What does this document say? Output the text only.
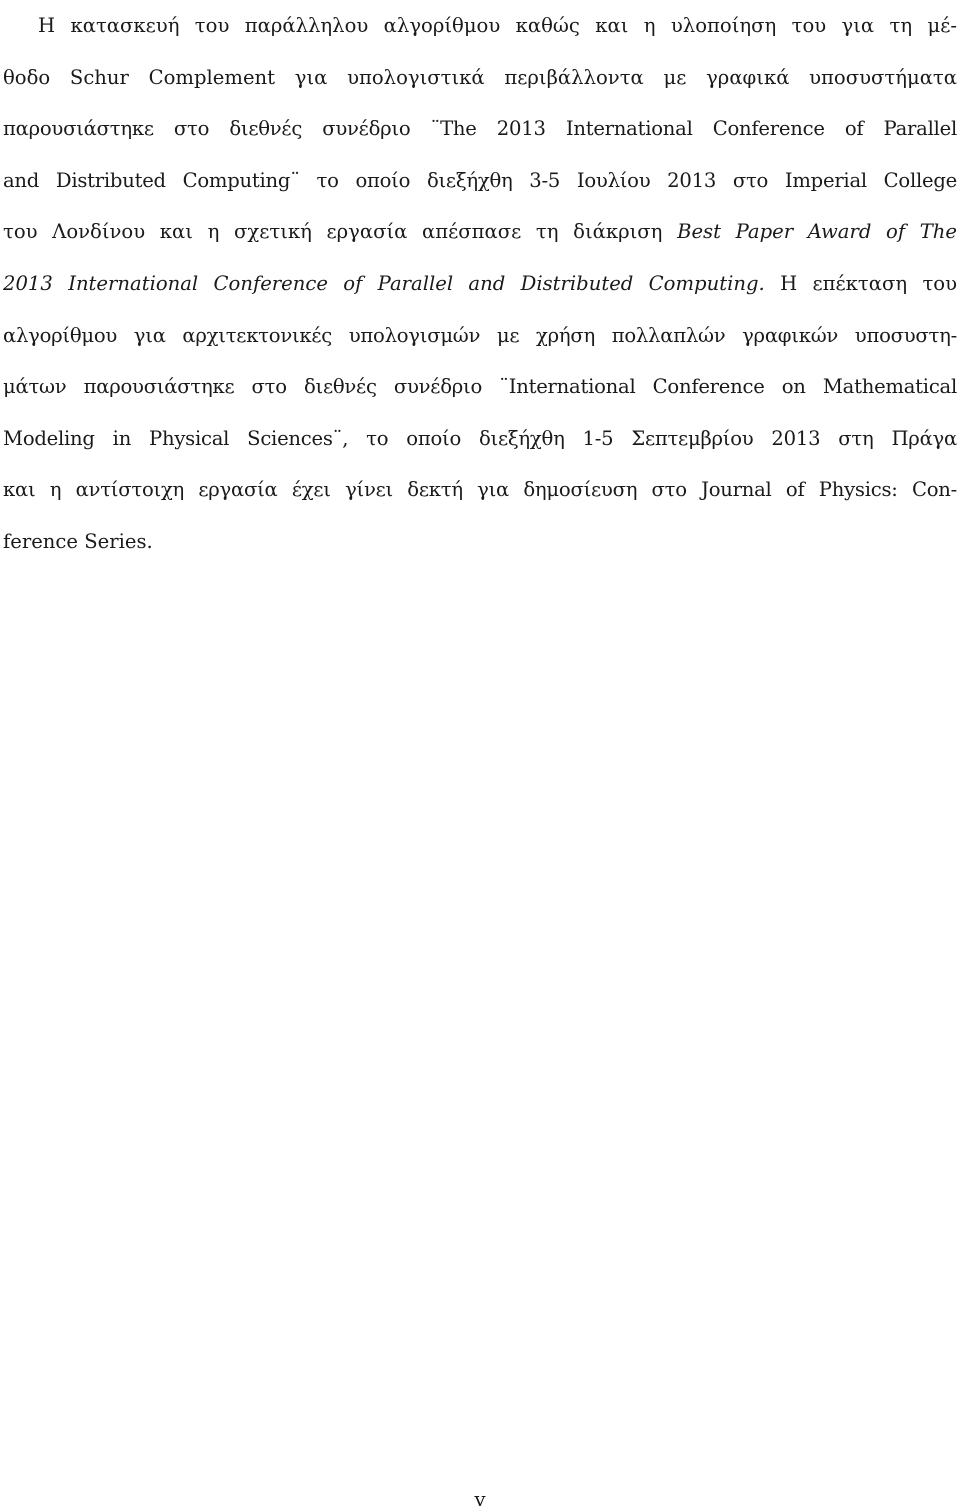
Η κατασκευή του παράλληλου αλγορίθμου καθώς και η υλοποίηση του για τη μέ-
θοδο Schur Complement για υπολογιστικά περιβάλλοντα με γραφικά υποσυστήματα
παρουσιάστηκε στο διεθνές συνέδριο ¨The 2013 International Conference of Parallel
and Distributed Computing¨ το οποίο διεξήχθη 3-5 Ιουλίου 2013 στο Imperial College
του Λονδίνου και η σχετική εργασία απέσπασε τη διάκριση Best Paper Award of The
2013 International Conference of Parallel and Distributed Computing. Η επέκταση του
αλγορίθμου για αρχιτεκτονικές υπολογισμών με χρήση πολλαπλών γραφικών υποσυστη-
μάτων παρουσιάστηκε στο διεθνές συνέδριο ¨International Conference on Mathematical
Modeling in Physical Sciences¨, το οποίο διεξήχθη 1-5 Σεπτεμβρίου 2013 στη Πράγα
και η αντίστοιχη εργασία έχει γίνει δεκτή για δημοσίευση στο Journal of Physics: Con-
ference Series.
v
